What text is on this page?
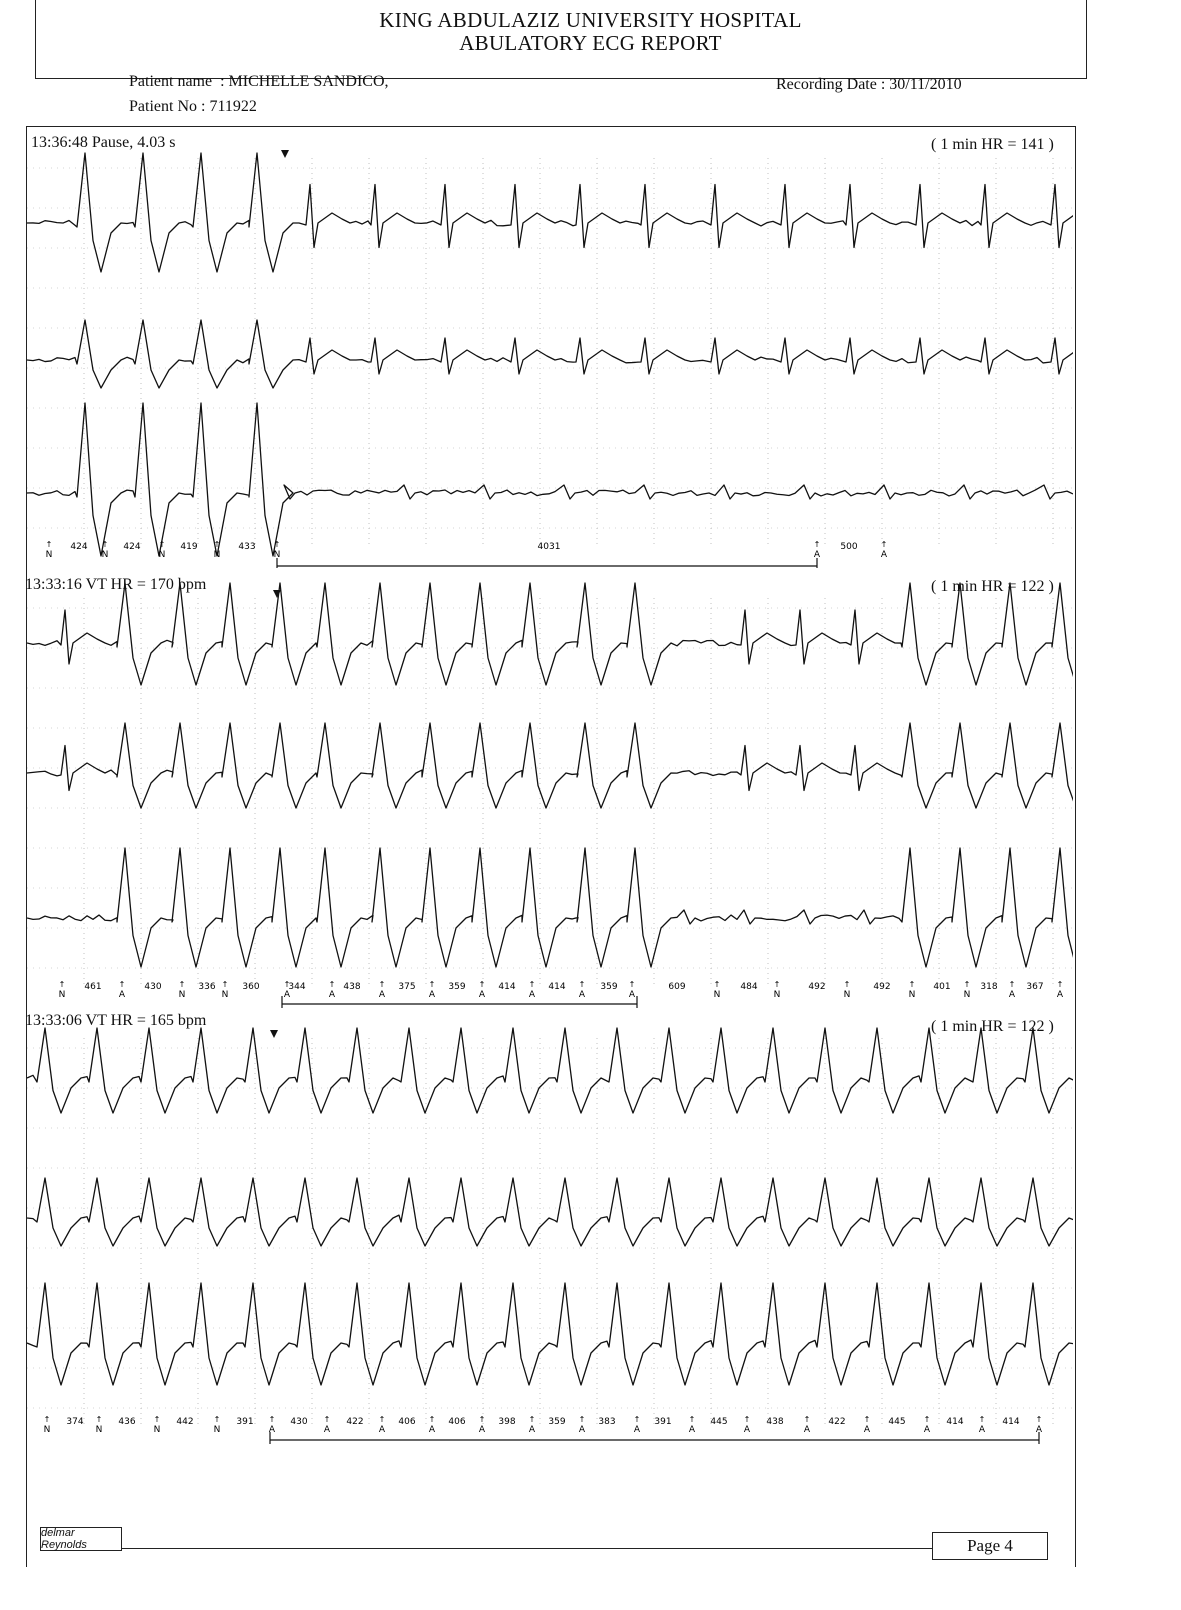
KING ABDULAZIZ UNIVERSITY HOSPITAL
ABULATORY ECG REPORT
Patient name : MICHELLE SANDICO,
Patient No : 711922
Recording Date : 30/11/2010
↑
N
↑
N
↑
N
↑
N
↑
N
↑
A
↑
A
424	424	419	433	4031	500
13:36:48 Pause, 4.03 s	( 1 min HR = 141 )
↑
N
↑
A
↑
N
↑
N
↑
A
↑
A
↑
A
↑
A
↑
A
↑
A
↑
A
↑
A
↑
N
↑
N
↑
N
↑
N
↑
N
↑
A
↑
A
461	430	336	360	344	438	375	359	414	414	359	609	484	492	492	401	318	367
13:33:16 VT HR = 170 bpm	( 1 min HR = 122 )
↑
N
↑
N
↑
N
↑
N
↑
A
↑
A
↑
A
↑
A
↑
A
↑
A
↑
A
↑
A
↑
A
↑
A
↑
A
↑
A
↑
A
↑
A
↑
A
374	436	442	391	430	422	406	406	398	359	383	391	445	438	422	445	414	414
13:33:06 VT HR = 165 bpm	( 1 min HR = 122 )
delmar Reynolds	Page 4
